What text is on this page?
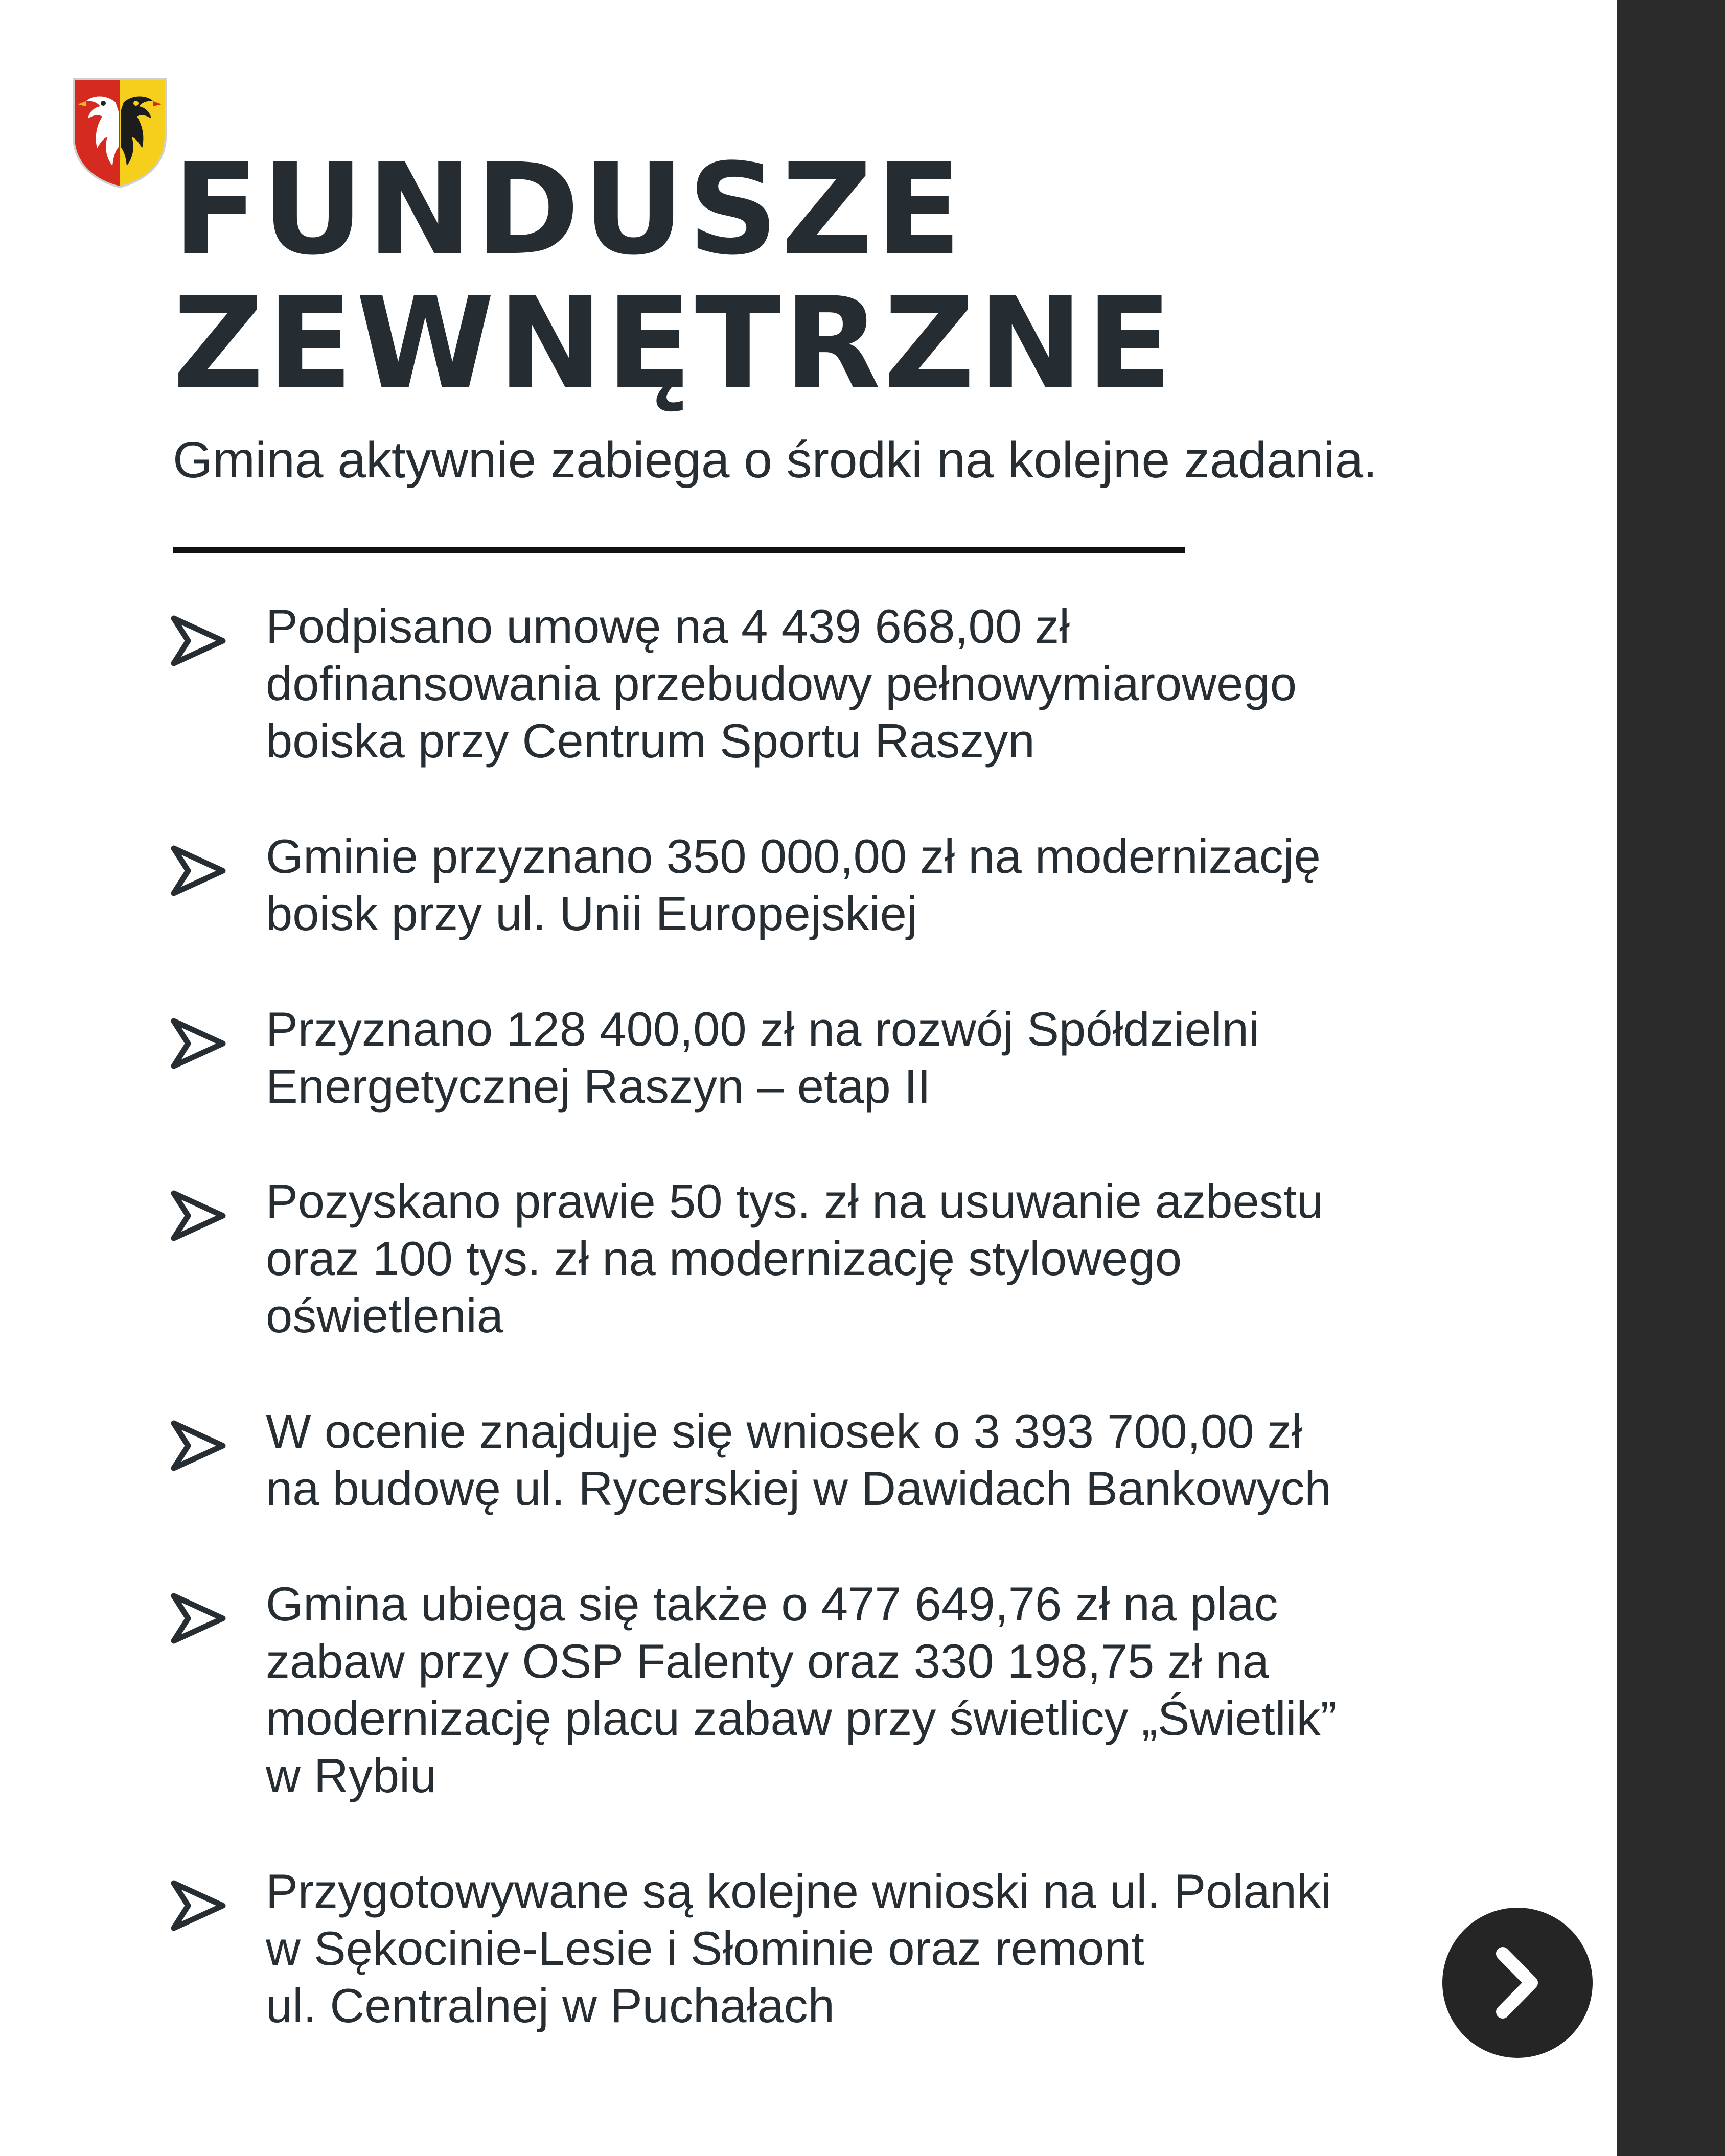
FUNDUSZE
ZEWNĘTRZNE

Gmina aktywnie zabiega o środki na kolejne zadania.

Podpisano umowę na 4 439 668,00 zł
dofinansowania przebudowy pełnowymiarowego
boiska przy Centrum Sportu Raszyn

Gminie przyznano 350 000,00 zł na modernizację
boisk przy ul. Unii Europejskiej

Przyznano 128 400,00 zł na rozwój Spółdzielni
Energetycznej Raszyn – etap II

Pozyskano prawie 50 tys. zł na usuwanie azbestu
oraz 100 tys. zł na modernizację stylowego
oświetlenia

W ocenie znajduje się wniosek o 3 393 700,00 zł
na budowę ul. Rycerskiej w Dawidach Bankowych

Gmina ubiega się także o 477 649,76 zł na plac
zabaw przy OSP Falenty oraz 330 198,75 zł na
modernizację placu zabaw przy świetlicy „Świetlik”
w Rybiu

Przygotowywane są kolejne wnioski na ul. Polanki
w Sękocinie-Lesie i Słominie oraz remont
ul. Centralnej w Puchałach
